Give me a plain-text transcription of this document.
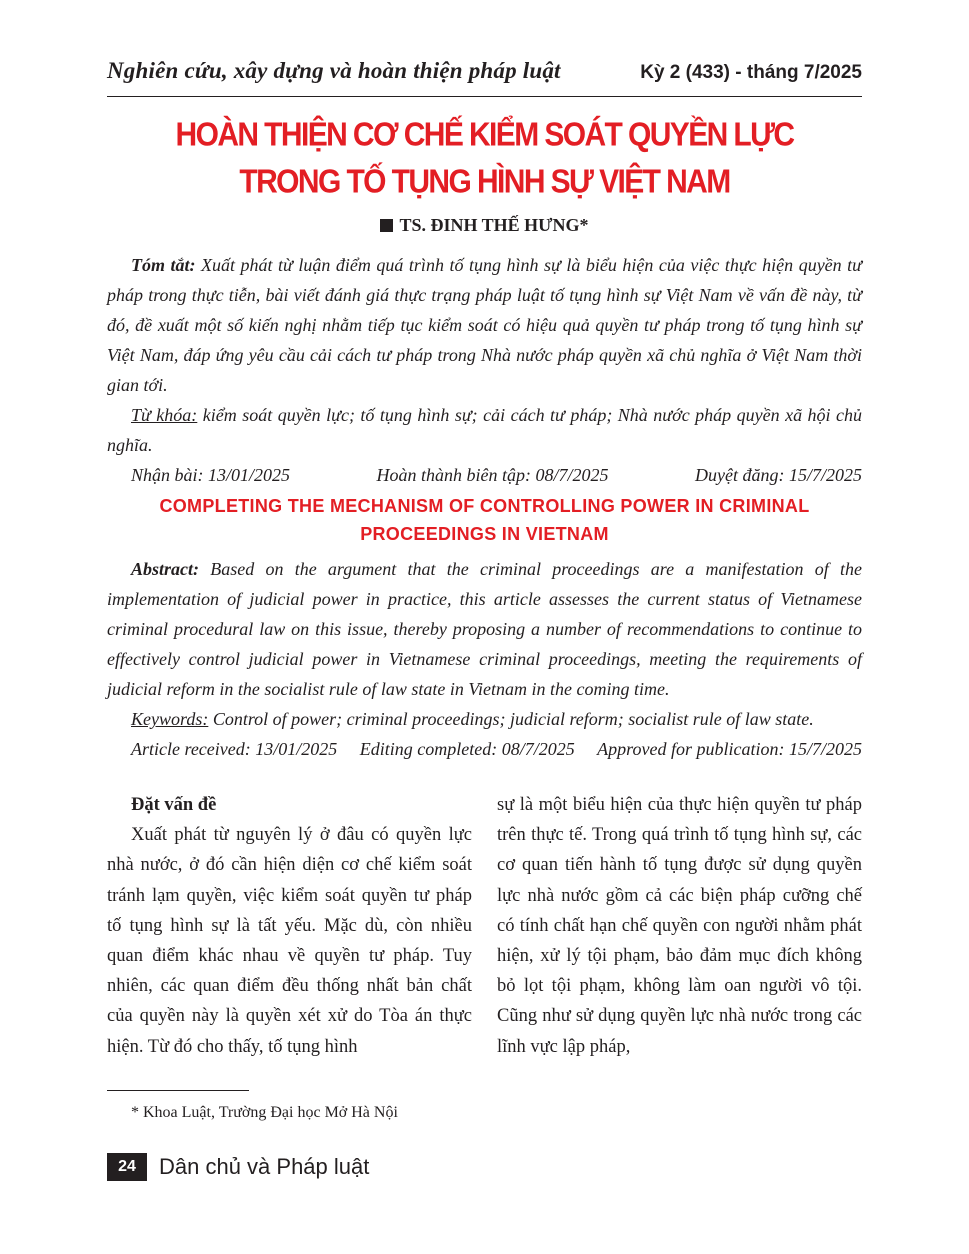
Nghiên cứu, xây dựng và hoàn thiện pháp luật	Kỳ 2 (433) - tháng 7/2025
HOÀN THIỆN CƠ CHẾ KIỂM SOÁT QUYỀN LỰC
TRONG TỐ TỤNG HÌNH SỰ VIỆT NAM
TS. ĐINH THẾ HƯNG*

Tóm tắt: Xuất phát từ luận điểm quá trình tố tụng hình sự là biểu hiện của việc thực hiện quyền tư pháp trong thực tiễn, bài viết đánh giá thực trạng pháp luật tố tụng hình sự Việt Nam về vấn đề này, từ đó, đề xuất một số kiến nghị nhằm tiếp tục kiểm soát có hiệu quả quyền tư pháp trong tố tụng hình sự Việt Nam, đáp ứng yêu cầu cải cách tư pháp trong Nhà nước pháp quyền xã chủ nghĩa ở Việt Nam thời gian tới.

Từ khóa: kiểm soát quyền lực; tố tụng hình sự; cải cách tư pháp; Nhà nước pháp quyền xã hội chủ nghĩa.

Nhận bài: 13/01/2025	Hoàn thành biên tập: 08/7/2025	Duyệt đăng: 15/7/2025
COMPLETING THE MECHANISM OF CONTROLLING POWER IN CRIMINAL
PROCEEDINGS IN VIETNAM

Abstract: Based on the argument that the criminal proceedings are a manifestation of the implementation of judicial power in practice, this article assesses the current status of Vietnamese criminal procedural law on this issue, thereby proposing a number of recommendations to continue to effectively control judicial power in Vietnamese criminal proceedings, meeting the requirements of judicial reform in the socialist rule of law state in Vietnam in the coming time.

Keywords: Control of power; criminal proceedings; judicial reform; socialist rule of law state.

Article received: 13/01/2025 Editing completed: 08/7/2025 Approved for publication: 15/7/2025

Đặt vấn đề

Xuất phát từ nguyên lý ở đâu có quyền lực nhà nước, ở đó cần hiện diện cơ chế kiểm soát tránh lạm quyền, việc kiểm soát quyền tư pháp tố tụng hình sự là tất yếu. Mặc dù, còn nhiều quan điểm khác nhau về quyền tư pháp. Tuy nhiên, các quan điểm đều thống nhất bản chất của quyền này là quyền xét xử do Tòa án thực hiện. Từ đó cho thấy, tố tụng hình

sự là một biểu hiện của thực hiện quyền tư pháp trên thực tế. Trong quá trình tố tụng hình sự, các cơ quan tiến hành tố tụng được sử dụng quyền lực nhà nước gồm cả các biện pháp cưỡng chế có tính chất hạn chế quyền con người nhằm phát hiện, xử lý tội phạm, bảo đảm mục đích không bỏ lọt tội phạm, không làm oan người vô tội. Cũng như sử dụng quyền lực nhà nước trong các lĩnh vực lập pháp,

* Khoa Luật, Trường Đại học Mở Hà Nội
24	Dân chủ và Pháp luật
